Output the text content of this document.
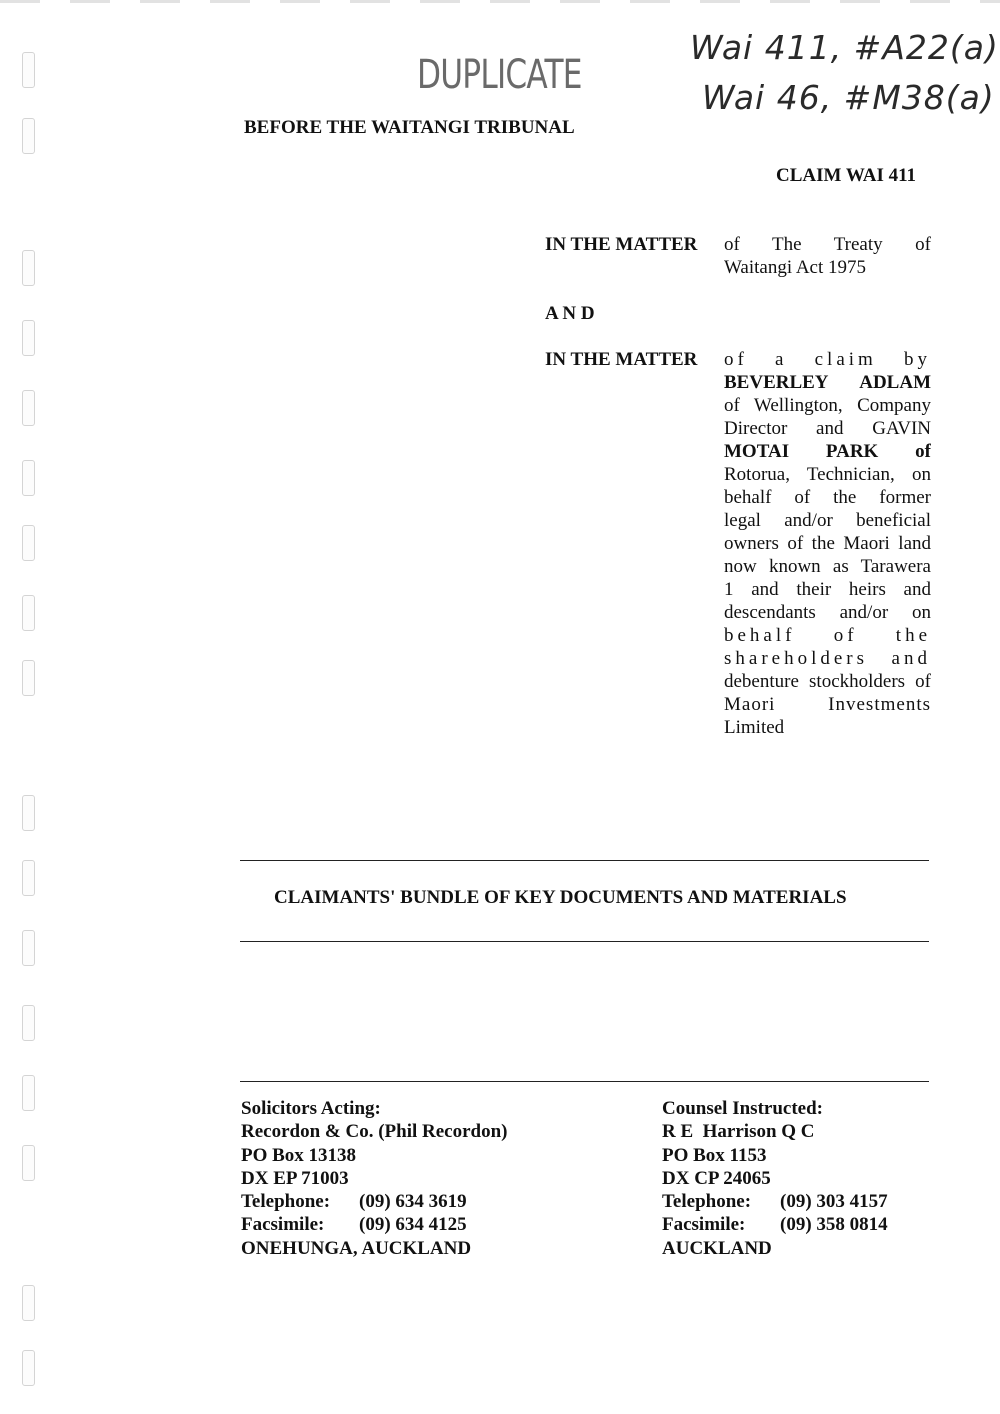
DUPLICATE
Wai 411, #A22(a)
Wai 46, #M38(a)
BEFORE THE WAITANGI TRIBUNAL
CLAIM WAI 411
IN THE MATTER of The Treaty of
Waitangi Act 1975
A N D
IN THE MATTER of a claim by
BEVERLEY ADLAM
of Wellington, Company
Director and GAVIN
MOTAI PARK of
Rotorua, Technician, on
behalf of the former
legal and/or beneficial
owners of the Maori land
now known as Tarawera
1 and their heirs and
descendants and/or on
behalf of the
shareholders and
debenture stockholders of
Maori Investments
Limited
CLAIMANTS' BUNDLE OF KEY DOCUMENTS AND MATERIALS
Solicitors Acting:
Recordon & Co. (Phil Recordon)
PO Box 13138
DX EP 71003
Telephone:	(09) 634 3619
Facsimile:	(09) 634 4125
ONEHUNGA, AUCKLAND
Counsel Instructed:
R E  Harrison Q C
PO Box 1153
DX CP 24065
Telephone:	(09) 303 4157
Facsimile:	(09) 358 0814
AUCKLAND
